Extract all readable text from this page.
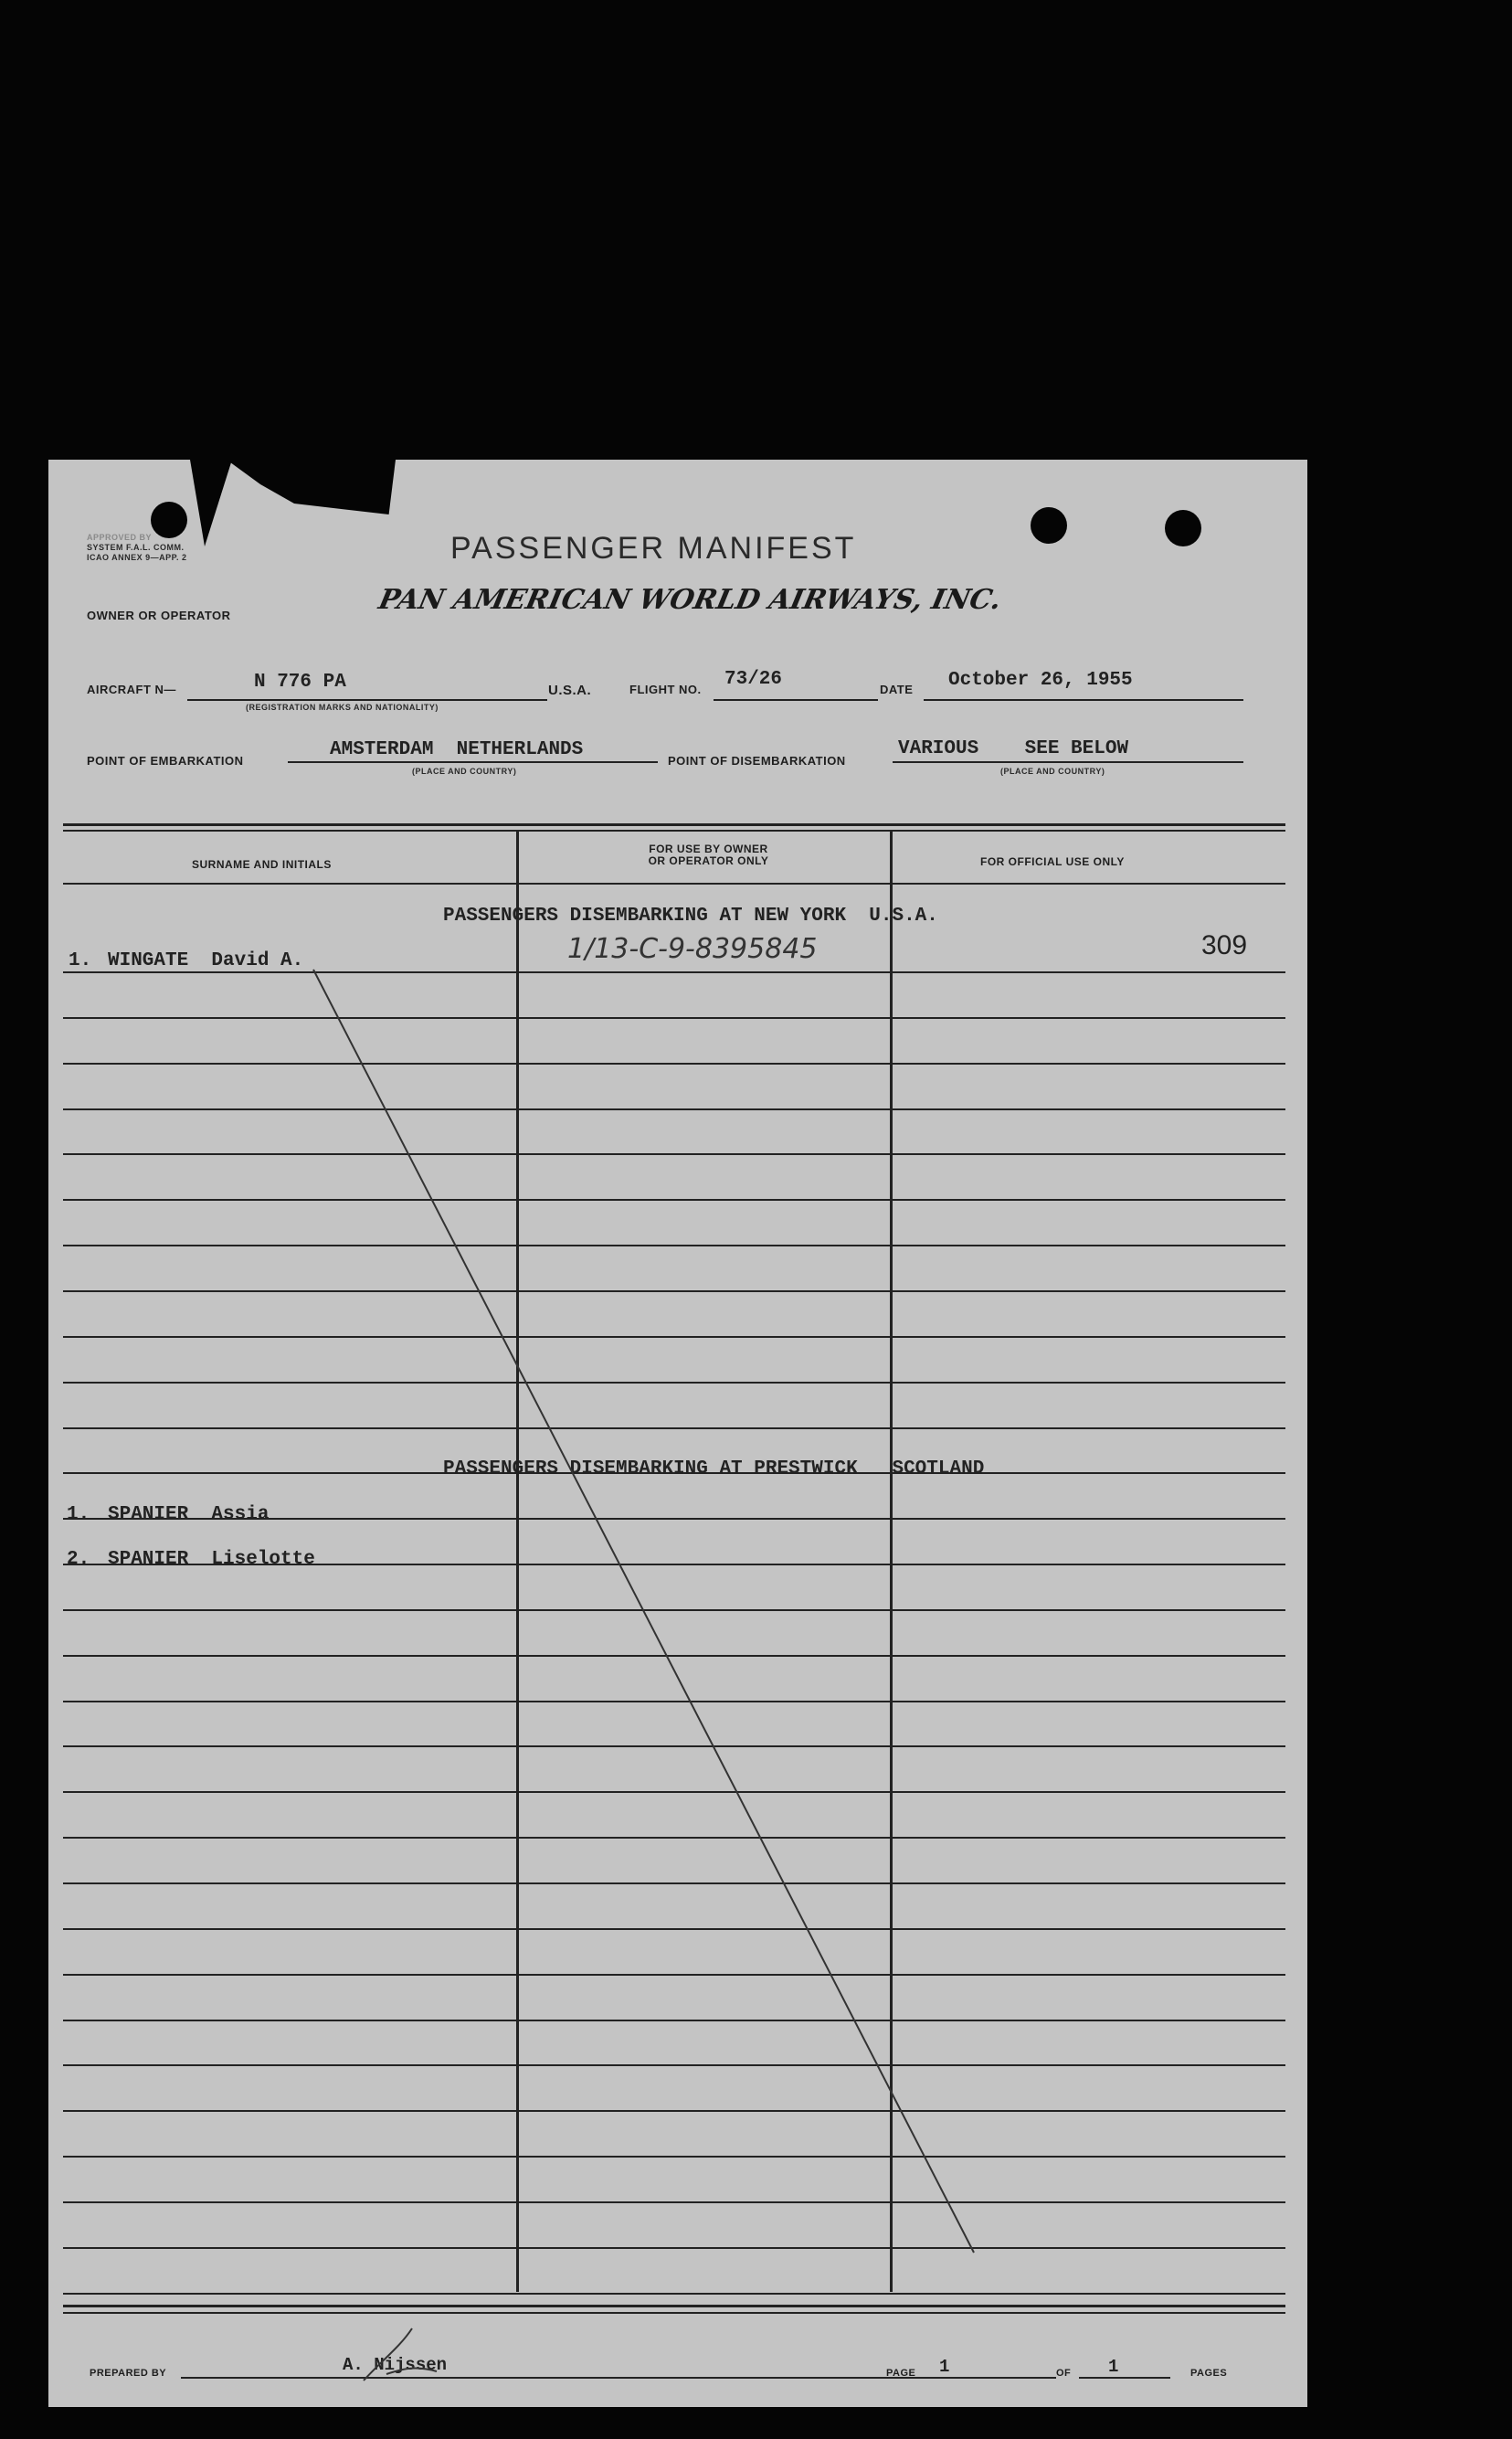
APPROVED BY
SYSTEM F.A.L. COMM.
ICAO ANNEX 9—APP. 2	PASSENGER MANIFEST
PAN AMERICAN WORLD AIRWAYS, INC.
OWNER OR OPERATOR
AIRCRAFT N—	N 776 PA
(REGISTRATION MARKS AND NATIONALITY)
U.S.A.	FLIGHT NO. 73/26	DATE October 26, 1955
POINT OF EMBARKATION
AMSTERDAM  NETHERLANDS
(PLACE AND COUNTRY)
POINT OF DISEMBARKATION
VARIOUS    SEE BELOW
(PLACE AND COUNTRY)
SURNAME AND INITIALS
FOR USE BY OWNER
OR OPERATOR ONLY	FOR OFFICIAL USE ONLY
PASSENGERS DISEMBARKING AT NEW YORK  U.S.A.
1. WINGATE  David A.	1/13-C-9-8395845	309
PASSENGERS DISEMBARKING AT PRESTWICK   SCOTLAND
1. SPANIER  Assia
2. SPANIER  Liselotte
PREPARED BY	A. Nijssen	PAGE 1	OF 1	PAGES
